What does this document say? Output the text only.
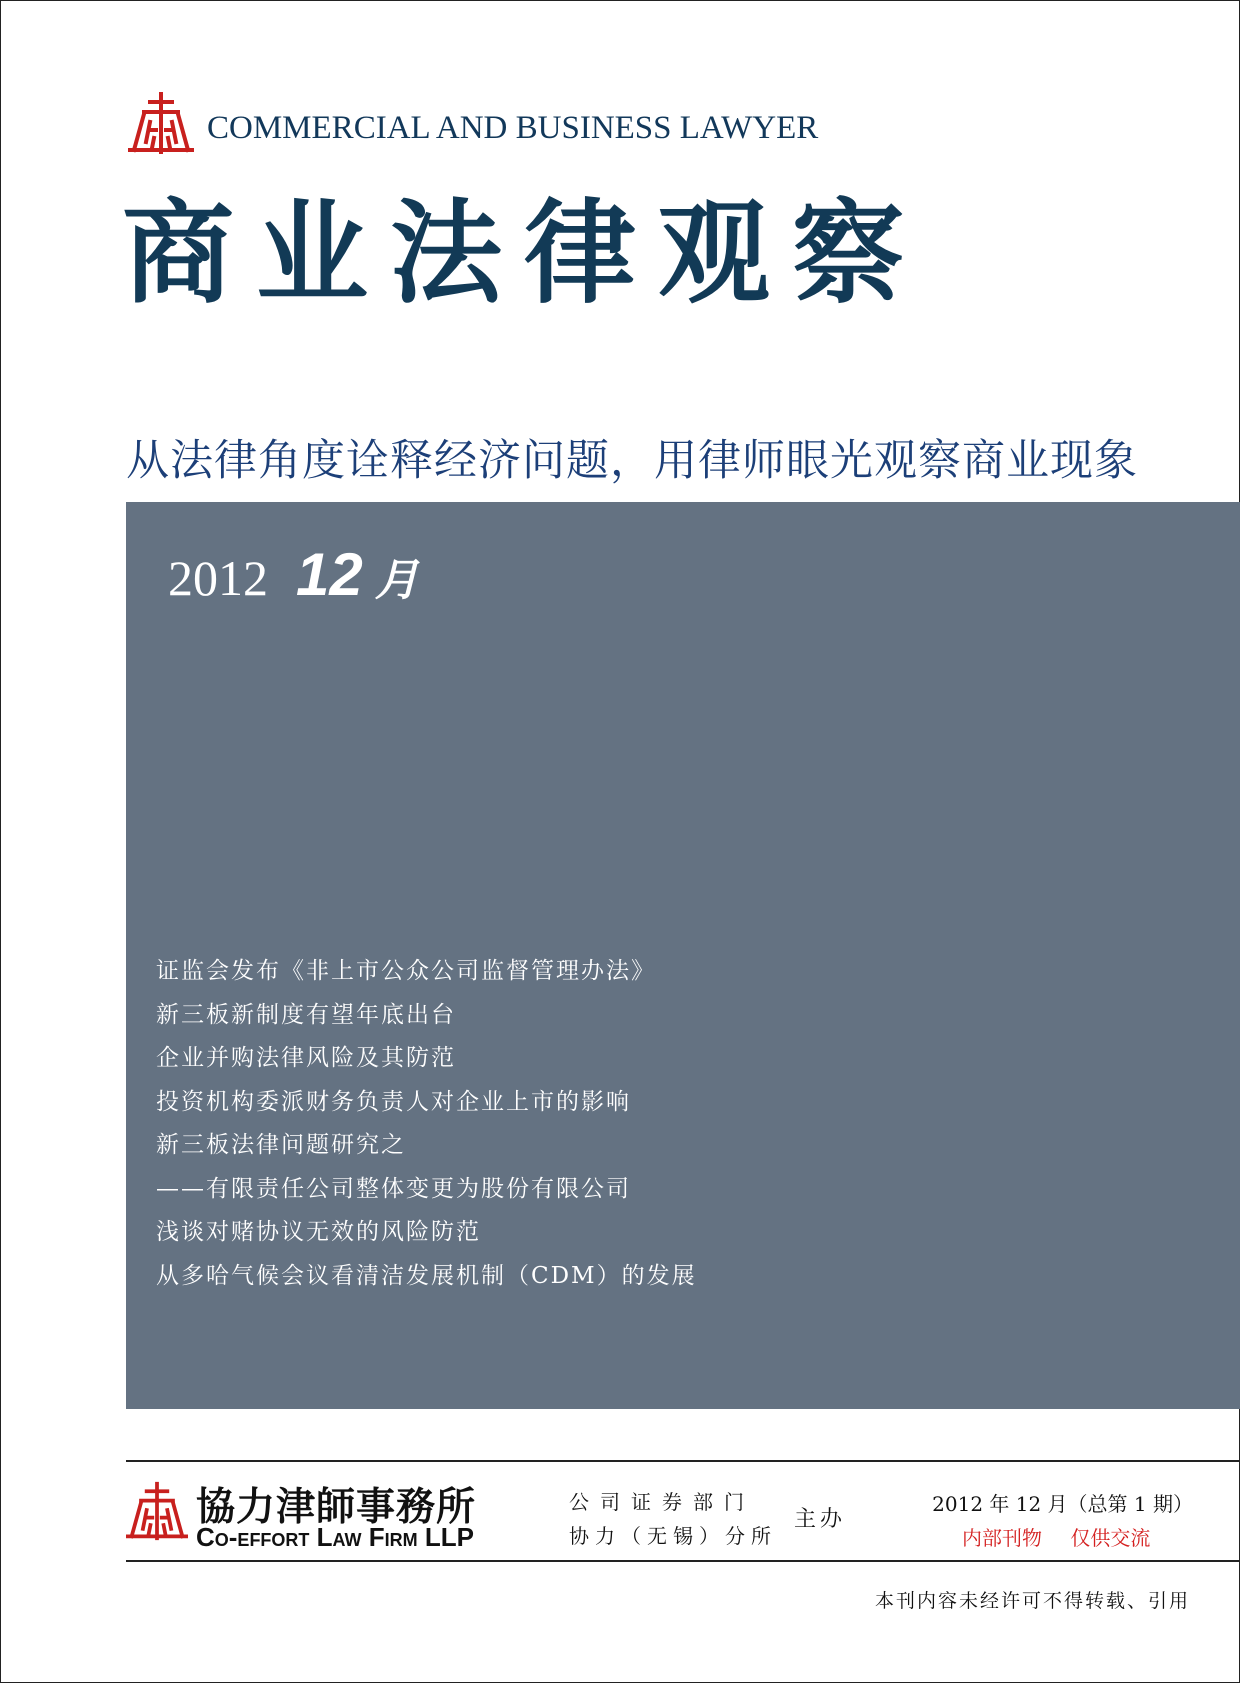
COMMERCIAL AND BUSINESS LAWYER
商业法律观察
从法律角度诠释经济问题，用律师眼光观察商业现象
2012 12 月
证监会发布《非上市公众公司监督管理办法》
新三板新制度有望年底出台
企业并购法律风险及其防范
投资机构委派财务负责人对企业上市的影响
新三板法律问题研究之
——有限责任公司整体变更为股份有限公司
浅谈对赌协议无效的风险防范
从多哈气候会议看清洁发展机制（CDM）的发展
協力津師事務所
Co-effort Law Firm LLP
公司证券部门
协力（无锡）分所
主办
2012 年 12 月（总第 1 期）
内部刊物 仅供交流
本刊内容未经许可不得转载、引用
